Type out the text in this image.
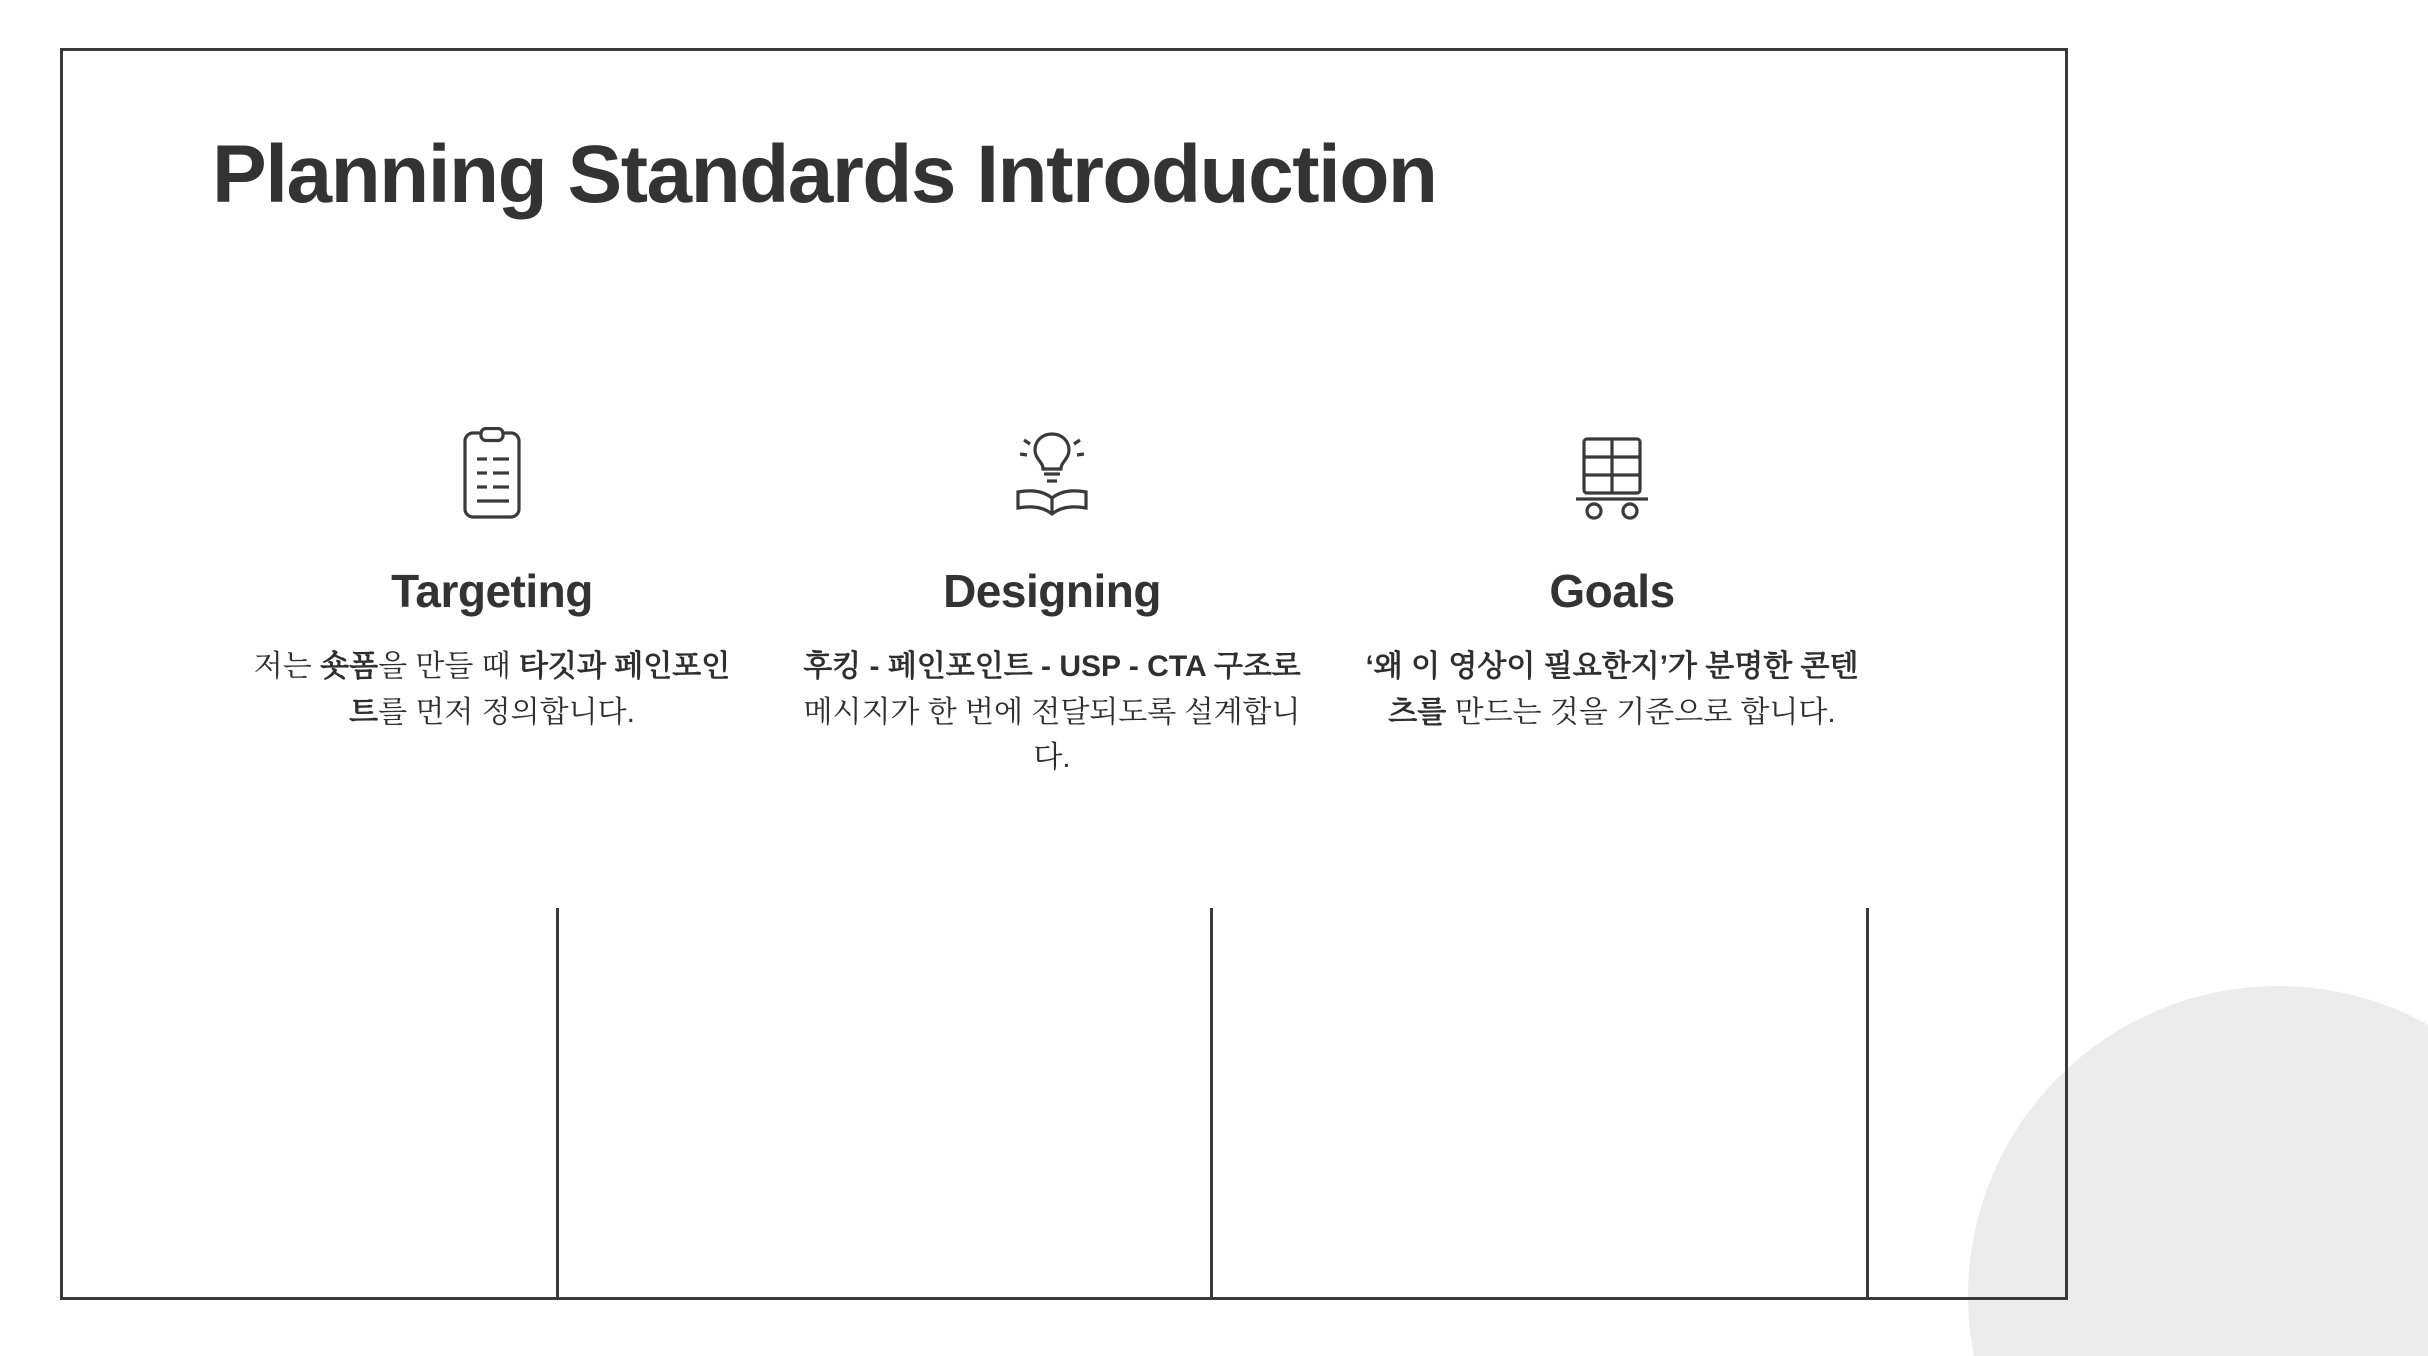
Planning Standards Introduction
Targeting
저는 숏폼을 만들 때 타깃과 페인포인트를 먼저 정의합니다.
Designing
후킹 - 페인포인트 - USP - CTA 구조로 메시지가 한 번에 전달되도록 설계합니다.
Goals
‘왜 이 영상이 필요한지’가 분명한 콘텐츠를 만드는 것을 기준으로 합니다.
